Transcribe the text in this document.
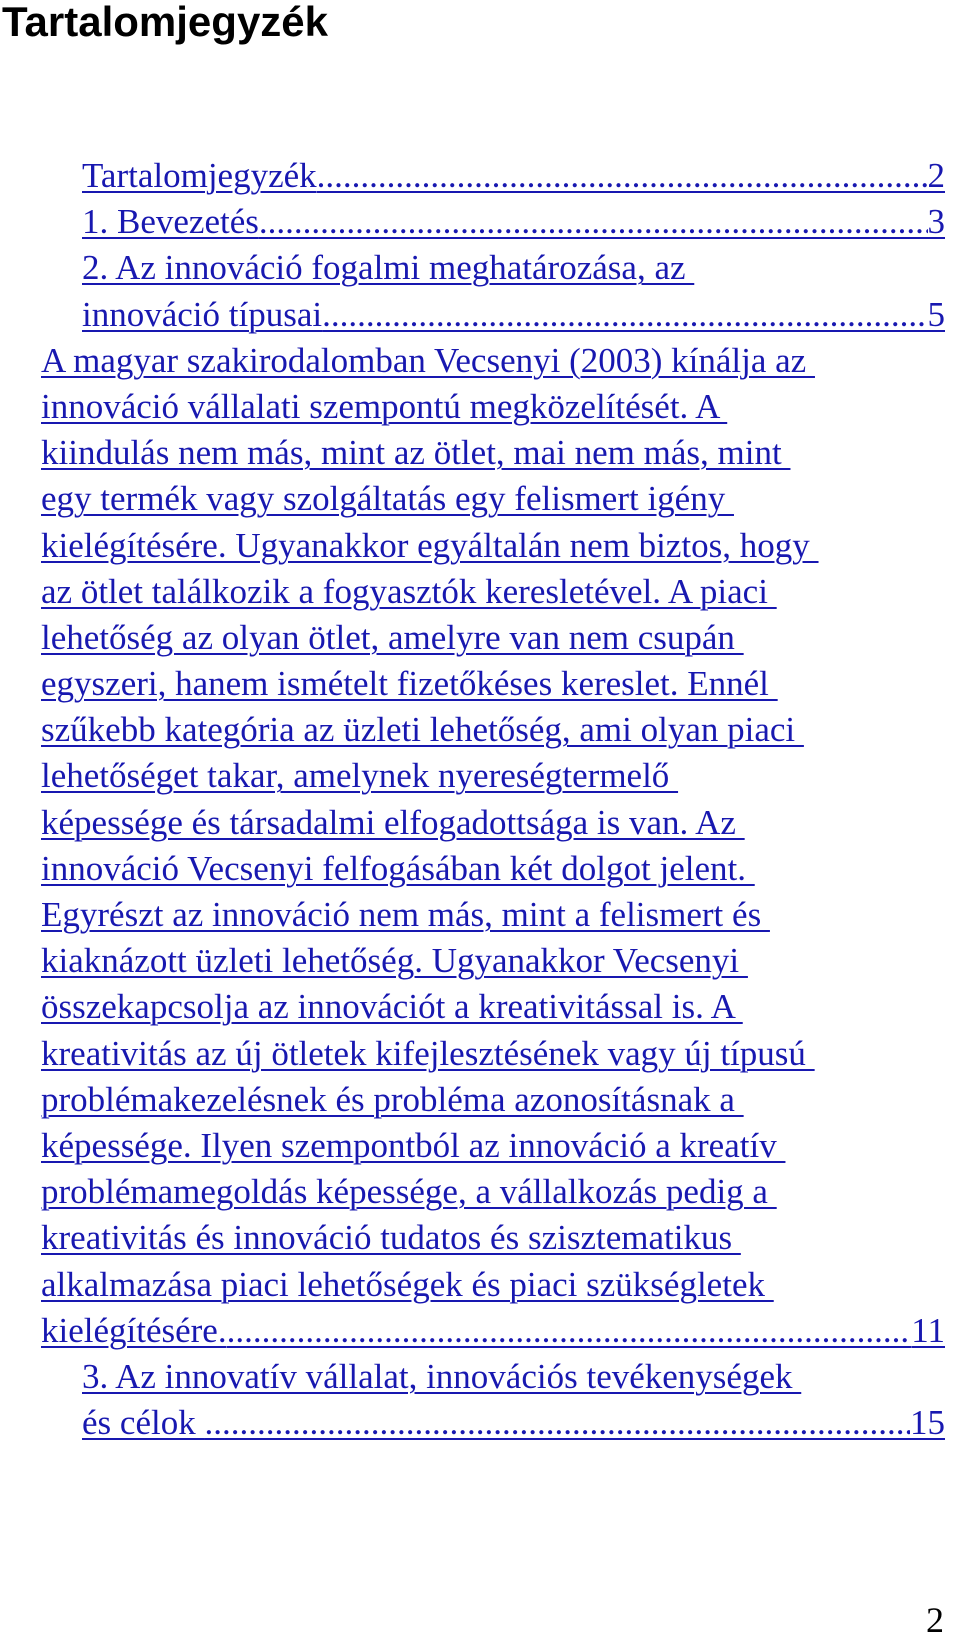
Tartalomjegyzék
Tartalomjegyzék .....	2
1. Bevezetés .....	3
2. Az innováció fogalmi meghatározása, az
innováció típusai .....	5
A magyar szakirodalomban Vecsenyi (2003) kínálja az
innováció vállalati szempontú megközelítését. A
kiindulás nem más, mint az ötlet, mai nem más, mint
egy termék vagy szolgáltatás egy felismert igény
kielégítésére. Ugyanakkor egyáltalán nem biztos, hogy
az ötlet találkozik a fogyasztók keresletével. A piaci
lehetőség az olyan ötlet, amelyre van nem csupán
egyszeri, hanem ismételt fizetőkéses kereslet. Ennél
szűkebb kategória az üzleti lehetőség, ami olyan piaci
lehetőséget takar, amelynek nyereségtermelő
képessége és társadalmi elfogadottsága is van. Az
innováció Vecsenyi felfogásában két dolgot jelent.
Egyrészt az innováció nem más, mint a felismert és
kiaknázott üzleti lehetőség. Ugyanakkor Vecsenyi
összekapcsolja az innovációt a kreativitással is. A
kreativitás az új ötletek kifejlesztésének vagy új típusú
problémakezelésnek és probléma azonosításnak a
képessége. Ilyen szempontból az innováció a kreatív
problémamegoldás képessége, a vállalkozás pedig a
kreativitás és innováció tudatos és szisztematikus
alkalmazása piaci lehetőségek és piaci szükségletek
kielégítésére. .....	11
3. Az innovatív vállalat, innovációs tevékenységek
és célok .....	15
2
